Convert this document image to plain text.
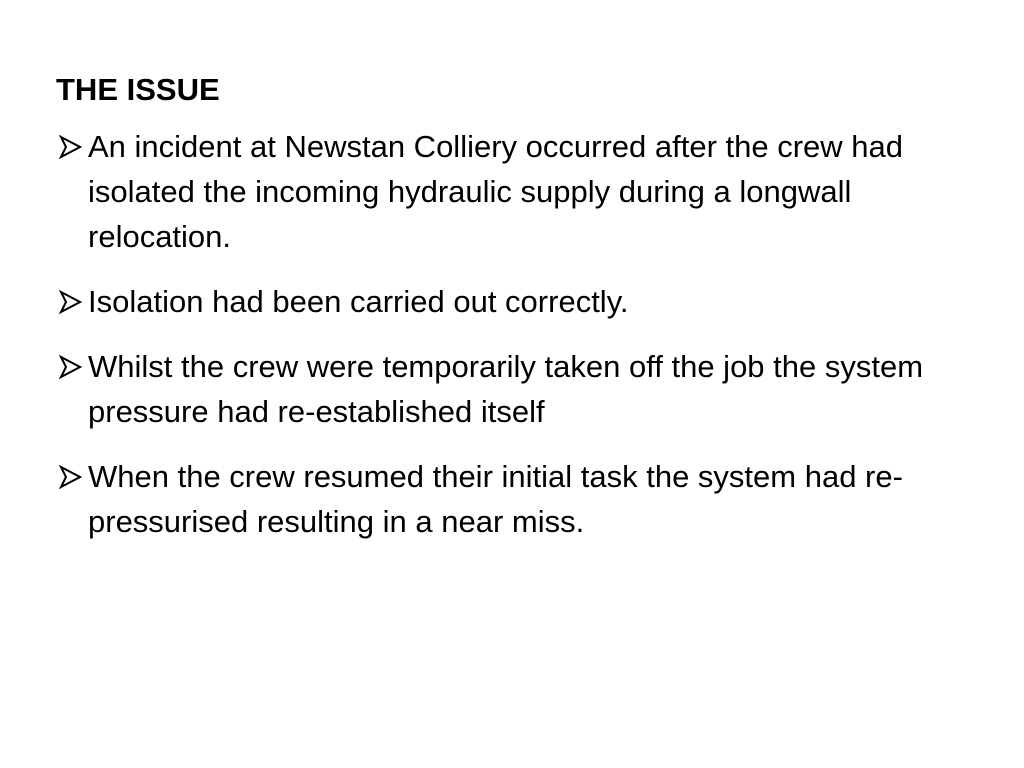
THE ISSUE
An incident at Newstan Colliery occurred after the crew had isolated the incoming hydraulic supply during a longwall relocation.
Isolation had been carried out correctly.
Whilst the crew were temporarily taken off the job the system pressure had re-established itself
When the crew resumed their initial task the system had re-pressurised resulting in a near miss.
